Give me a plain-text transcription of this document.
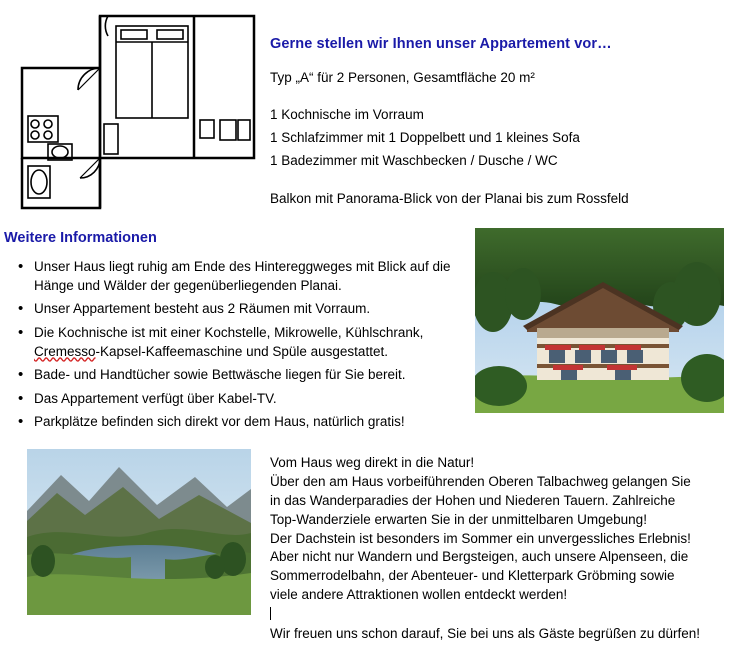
Gerne stellen wir Ihnen unser Appartement vor…
Typ „A“ für 2 Personen, Gesamtfläche 20 m²
1 Kochnische im Vorraum
1 Schlafzimmer mit 1 Doppelbett und 1 kleines Sofa
1 Badezimmer mit Waschbecken / Dusche / WC
Balkon mit Panorama-Blick von der Planai bis zum Rossfeld
Weitere Informationen
• Unser Haus liegt ruhig am Ende des Hintereggweges mit Blick auf die Hänge und Wälder der gegenüberliegenden Planai.
• Unser Appartement besteht aus 2 Räumen mit Vorraum.
• Die Kochnische ist mit einer Kochstelle, Mikrowelle, Kühlschrank, Cremesso-Kapsel-Kaffeemaschine und Spüle ausgestattet.
• Bade- und Handtücher sowie Bettwäsche liegen für Sie bereit.
• Das Appartement verfügt über Kabel-TV.
• Parkplätze befinden sich direkt vor dem Haus, natürlich gratis!

Vom Haus weg direkt in die Natur!

Über den am Haus vorbeiführenden Oberen Talbachweg gelangen Sie

in das Wanderparadies der Hohen und Niederen Tauern. Zahlreiche

Top-Wanderziele erwarten Sie in der unmittelbaren Umgebung!

Der Dachstein ist besonders im Sommer ein unvergessliches Erlebnis!

Aber nicht nur Wandern und Bergsteigen, auch unsere Alpenseen, die

Sommerrodelbahn, der Abenteuer- und Kletterpark Gröbming sowie

viele andere Attraktionen wollen entdeckt werden!

Wir freuen uns schon darauf, Sie bei uns als Gäste begrüßen zu dürfen!
